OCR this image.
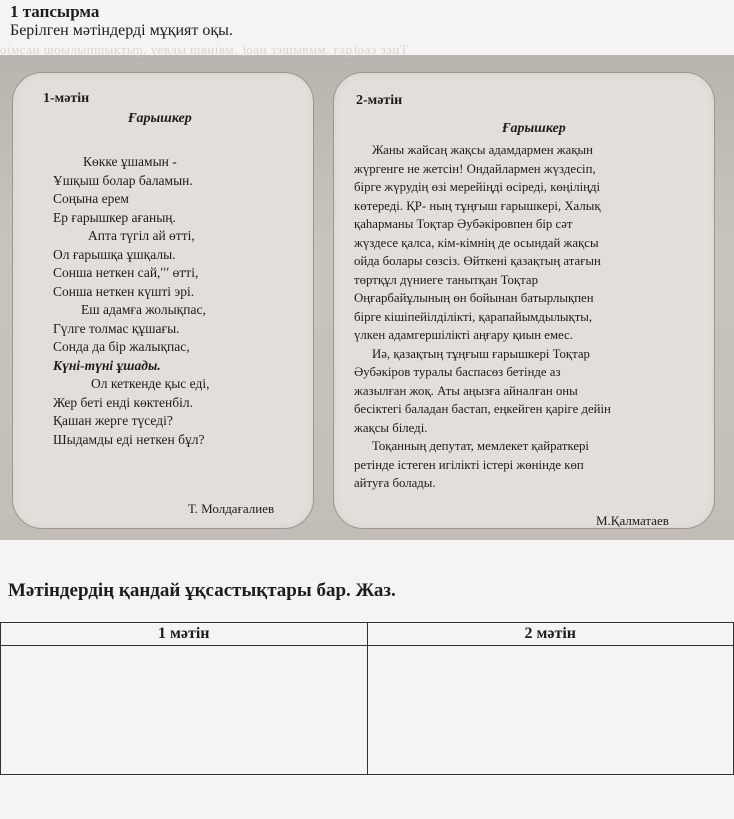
1 тапсырма
Берілген мәтіндерді мұқият оқы.
оімсан шоылыпшықтыр. уевлы швиівм. ]оан зэшывмм. гар]оаэ зэцТ
1-мәтін
Ғарышкер
Көкке ұшамын -
Ұшқыш болар баламын.
Соңына ерем
Ер ғарышкер ағаның.
Апта түгіл ай өтті,
Ол ғарышқа ұшқалы.
Сонша неткен сай,ʹʹʹ өтті,
Сонша неткен күшті эрі.
Еш адамға жолықпас,
Гүлге толмас құшағы.
Сонда да бір жалықпас,
Күні-түні ұшады.
Ол кеткенде қыс еді,
Жер беті енді көктенбіл.
Қашан жерге түседі?
Шыдамды еді неткен бұл?
Т. Молдағалиев
2-мәтін
Ғарышкер
Жаны жайсаң жақсы адамдармен жақын
жүргенге не жетсін! Ондайлармен жүздесіп,
бірге жүрудің өзі мерейіңді өсіреді, көңіліңді
көтереді. ҚР- ның тұңғыш ғарышкері, Халық
қаһарманы Тоқтар Әубәкіровпен бір сәт
жүздесе қалса, кім-кімнің де осындай жақсы
ойда болары сөзсіз. Өйткені қазақтың атағын
төртқұл дүниеге танытқан Тоқтар
Оңғарбайұлының өн бойынан батырлықпен
бірге кішіпейілділікті, қарапайымдылықты,
үлкен адамгершілікті аңғару қиын емес.
Иә, қазақтың тұңғыш ғарышкері Тоқтар
Әубәкіров туралы баспасөз бетінде аз
жазылған жоқ. Аты аңызға айналған оны
бесіктегі баладан бастап, еңкейген қаріге дейін
жақсы біледі.
Тоқанның депутат, мемлекет қайраткері
ретінде істеген игілікті істері жөнінде көп
айтуға болады.
М.Қалматаев
Мәтіндердің қандай ұқсастықтары бар. Жаз.
1 мәтін	2 мәтін
